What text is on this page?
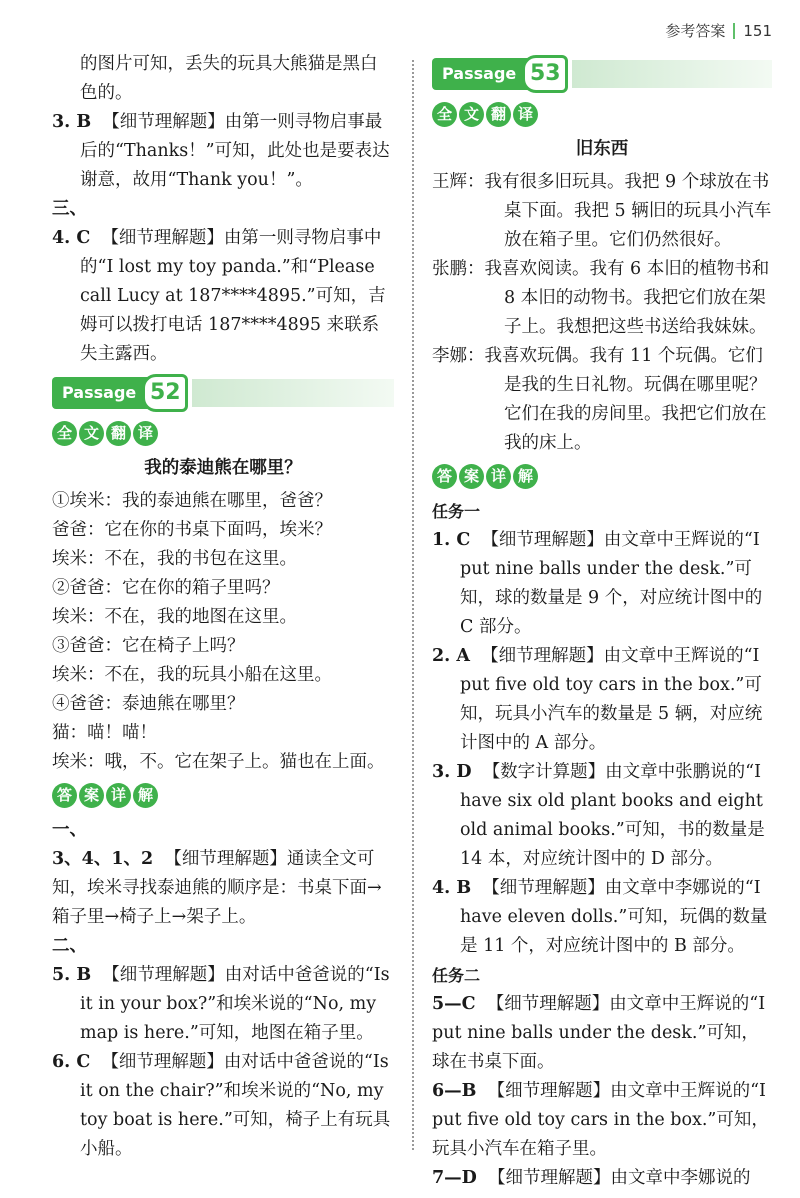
参考答案 151

的图片可知，丢失的玩具大熊猫是黑白

色的。

3. B 【细节理解题】由第一则寻物启事最后的“Thanks！”可知，此处也是要表达谢意，故用“Thank you！”。

三、

4. C 【细节理解题】由第一则寻物启事中的“I lost my toy panda.”和“Please call Lucy at 187****4895.”可知，吉姆可以拨打电话 187****4895 来联系失主露西。

Passage 52
全 文 翻 译

我的泰迪熊在哪里？

①埃米：我的泰迪熊在哪里，爸爸？

爸爸：它在你的书桌下面吗，埃米？

埃米：不在，我的书包在这里。

②爸爸：它在你的箱子里吗？

埃米：不在，我的地图在这里。

③爸爸：它在椅子上吗？

埃米：不在，我的玩具小船在这里。

④爸爸：泰迪熊在哪里？

猫：喵！喵！

埃米：哦，不。它在架子上。猫也在上面。

答 案 详 解

一、

3、4、1、2 【细节理解题】通读全文可知，埃米寻找泰迪熊的顺序是：书桌下面→箱子里→椅子上→架子上。

二、

5. B 【细节理解题】由对话中爸爸说的“Is it in your box?”和埃米说的“No, my map is here.”可知，地图在箱子里。

6. C 【细节理解题】由对话中爸爸说的“Is it on the chair?”和埃米说的“No, my toy boat is here.”可知，椅子上有玩具小船。

Passage 53
全 文 翻 译

旧东西

王辉：我有很多旧玩具。我把 9 个球放在书桌下面。我把 5 辆旧的玩具小汽车放在箱子里。它们仍然很好。

张鹏：我喜欢阅读。我有 6 本旧的植物书和 8 本旧的动物书。我把它们放在架子上。我想把这些书送给我妹妹。

李娜：我喜欢玩偶。我有 11 个玩偶。它们是我的生日礼物。玩偶在哪里呢？它们在我的房间里。我把它们放在我的床上。

答 案 详 解

任务一

1. C 【细节理解题】由文章中王辉说的“I put nine balls under the desk.”可知，球的数量是 9 个，对应统计图中的 C 部分。

2. A 【细节理解题】由文章中王辉说的“I put five old toy cars in the box.”可知，玩具小汽车的数量是 5 辆，对应统计图中的 A 部分。

3. D 【数字计算题】由文章中张鹏说的“I have six old plant books and eight old animal books.”可知，书的数量是 14 本，对应统计图中的 D 部分。

4. B 【细节理解题】由文章中李娜说的“I have eleven dolls.”可知，玩偶的数量是 11 个，对应统计图中的 B 部分。

任务二

5—C 【细节理解题】由文章中王辉说的“I put nine balls under the desk.”可知，球在书桌下面。

6—B 【细节理解题】由文章中王辉说的“I put five old toy cars in the box.”可知，玩具小汽车在箱子里。

7—D 【细节理解题】由文章中李娜说的
